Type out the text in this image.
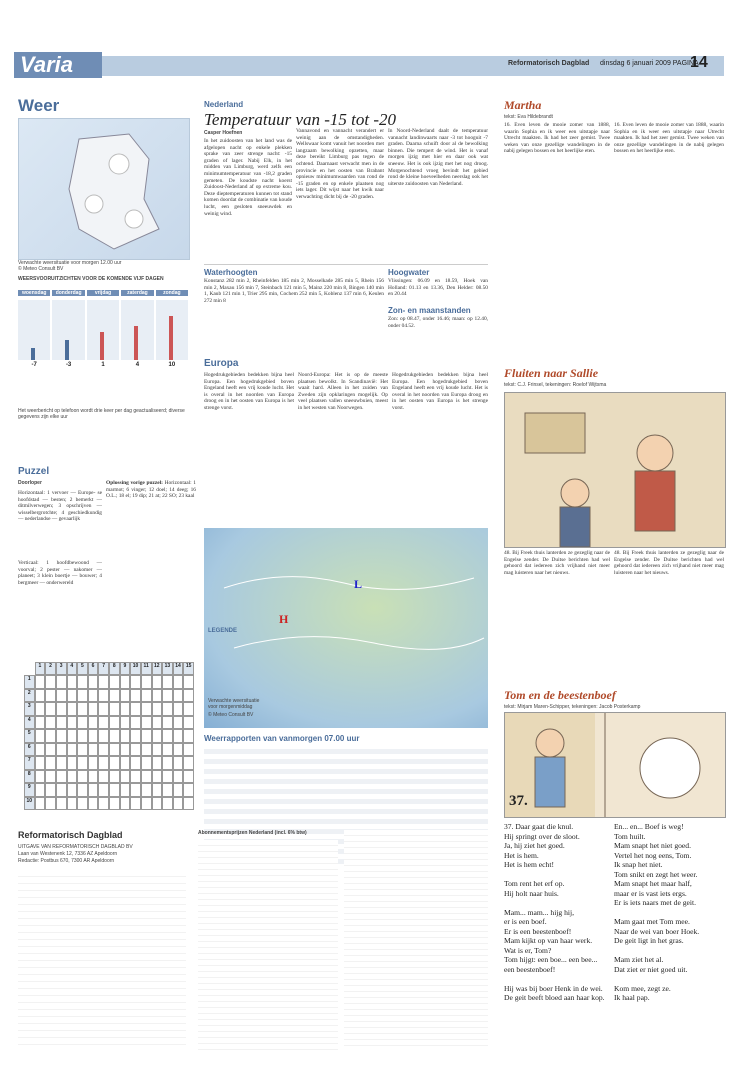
Varia	Reformatorisch Dagblad dinsdag 6 januari 2009 PAGINA
14
Weer
Verwachte weersituatie voor morgen 12.00 uur
© Meteo Consult BV
WEERSVOORUITZICHTEN VOOR DE KOMENDE VIJF DAGEN
woensdag	donderdag	vrijdag	zaterdag	zondag
-7	-3	1	4	10
Het weerbericht op telefoon wordt drie keer per dag geactualiseerd; diverse gegevens zijn elke uur
Nederland
Temperatuur van -15 tot -20
Casper Hoefnen
In het zuidoosten van het land was de afgelopen nacht op enkele plekken sprake van zeer strenge nacht: -15 graden of lager. Nabij Elk, in het midden van Limburg, werd zelfs een minimumtemperatuur van -18,2 graden gemeten. De koudste nacht koerst Zuidoost-Nederland af op extreme kou. Deze dieptemperaturen kunnen tot stand komen doordat de combinatie van koude lucht, een gesloten sneeuwdek en weinig wind.
Vannavond en vannacht verandert er weinig aan de omstandigheden. Wellswaar komt vanuit het noorden met langzaam bewolking opzetten, maar deze bereikt Limburg pas tegen de ochtend. Daarnaast verwacht men in de provincie en het oosten van Brabant opnieuw minimumwaarden van rond de -15 graden en op enkele plaatsen nog iets lager. Dit wijst naar het kwik naar verwachting dicht bij de -20 graden.
In Noord-Nederland daalt de temperatuur vannacht landinwaarts naar -3 tot hooguit -7 graden. Daarna schuift door al de bewolking binnen. Die tempert de wind. Het is vanaf morgen ijzig met hier en daar ook wat sneeuw. Het is ook ijzig met het nog droog. Morgenochtend vroeg bevindt het gebied rond de kleine hoeveelheden neerslag ook het uiterste zuidoosten van Nederland.
Waterhoogten
Konstanz 282 min 2, Rheinfelden 185 min 2, Mosselkade 285 min 5, Rhein 156 min 2, Maxau 156 min 7, Steinbach 121 min 5, Mainz 220 min 8, Bingen 140 min 1, Kaub 121 min 1, Trier 295 min, Cochem 252 min 5, Koblenz 137 min 6, Keulen 272 min 8
Hoogwater
Vlissingen: 06.09 en 18.59, Hoek van Holland: 01.13 en 13.36, Den Helder: 08.50 en 20.44
Zon- en maanstanden
Zon: op 08.47, onder 16.46; maan: op 12.40, onder 04.52.
Europa
Hogedrukgebieden bedekken bijna heel Europa. Een hogedrukgebied boven Engeland heeft een vrij koude lucht. Het is overal in het noorden van Europa droog en in het oosten van Europa is het strenge vorst.
Noord-Europa: Het is op de meeste plaatsen bewolkt. In Scandinavië: Het waait hard. Alleen in het zuiden van Zweden zijn opklaringen mogelijk. Op veel plaatsen vallen sneeuwbuien, meest in het westen van Noorwegen.
Hogedrukgebieden bedekken bijna heel Europa. Een hogedrukgebied boven Engeland heeft een vrij koude lucht. Het is overal in het noorden van Europa droog en in het oosten van Europa is het strenge vorst.
H
L
LEGENDE
Verwachte weersituatie voor morgenmiddag
© Meteo Consult BV
Weerrapporten van vanmorgen 07.00 uur
Puzzel
Doorloper
Horizontaal: 1 vervoer — Europe- se hoofdstad — besten; 2 bemerkt — ditmilverwegen; 3 opschrijven — wisselbergrotchte; 4 geschiedkundig — nederlandse — gevaarlijk
Verticaal: 1 hoofdbewoond — voorval; 2 pester — nakomer — planeet; 3 klein boertje — bouwer; 4 bergmeer — onderwereld
Oplossing vorige puzzel: Horizontaal: 1 marmot; 6 vinger; 12 doel; 14 deeg; 16 O.L.; 18 el; 19 dip; 21 at; 22 SO; 23 kaal
1	2	3	4	5	6	7	8	9	10	11	12	13	14	15
1
2
3
4
5
6
7
8
9
10
Reformatorisch Dagblad
UITGAVE VAN REFORMATORISCH DAGBLAD BV
Laan van Westenenk 12, 7336 AZ Apeldoorn
Redactie: Postbus 670, 7300 AR Apeldoorn
Abonnementsprijzen Nederland (incl. 6% btw)
Martha
tekst: Eva Hildebrandt
16. Even leven de mooie zomer van 1888, waarin Sophia en ik weer een uitstapje naar Utrecht maakten. Ik had het zeer gemist. Twee weken van onze gezellige wandelingen in de nabij gelegen bossen en het heerlijke eten.
16. Even leven de mooie zomer van 1888, waarin Sophia en ik weer een uitstapje naar Utrecht maakten. Ik had het zeer gemist. Twee weken van onze gezellige wandelingen in de nabij gelegen bossen en het heerlijke eten.
Fluiten naar Sallie
tekst: C.J. Frinsel, tekeningen: Roelof Wijtsma
48. Bij Freek thuis lanterden ze gezeglig naar de Engelse zender. De Duitse berichten had wel gehoord dat iedereen zich vrijhand niet meer mag luisteren naar het nieuws.
48. Bij Freek thuis lanterden ze gezeglig naar de Engelse zender. De Duitse berichten had wel gehoord dat iedereen zich vrijhand niet meer mag luisteren naar het nieuws.
Tom en de beestenboef
tekst: Mirjam Maren-Schipper, tekeningen: Jacob Posterkamp
37.
37. Daar gaat die knul.
Hij springt over de sloot.
Ja, hij ziet het goed.
Het is hem.
Het is hem echt!
Tom rent het erf op.
Hij holt naar huis.
Mam... mam... hijg hij,
er is een boef.
Er is een beestenboef!
Mam kijkt op van haar werk.
Wat is er, Tom?
Tom hijgt: een boe... een bee...
een beestenboef!
Hij was bij boer Henk in de wei.
De geit beeft bloed aan haar kop.
En... en... Boef is weg!
Tom huilt.
Mam snapt het niet goed.
Vertel het nog eens, Tom.
Ik snap het niet.
Tom snikt en zegt het weer.
Mam snapt het maar half,
maar er is vast iets ergs.
Er is iets naars met de geit.
Mam gaat met Tom mee.
Naar de wei van boer Hoek.
De geit ligt in het gras.
Mam ziet het al.
Dat ziet er niet goed uit.
Kom mee, zegt ze.
Ik haal pap.
